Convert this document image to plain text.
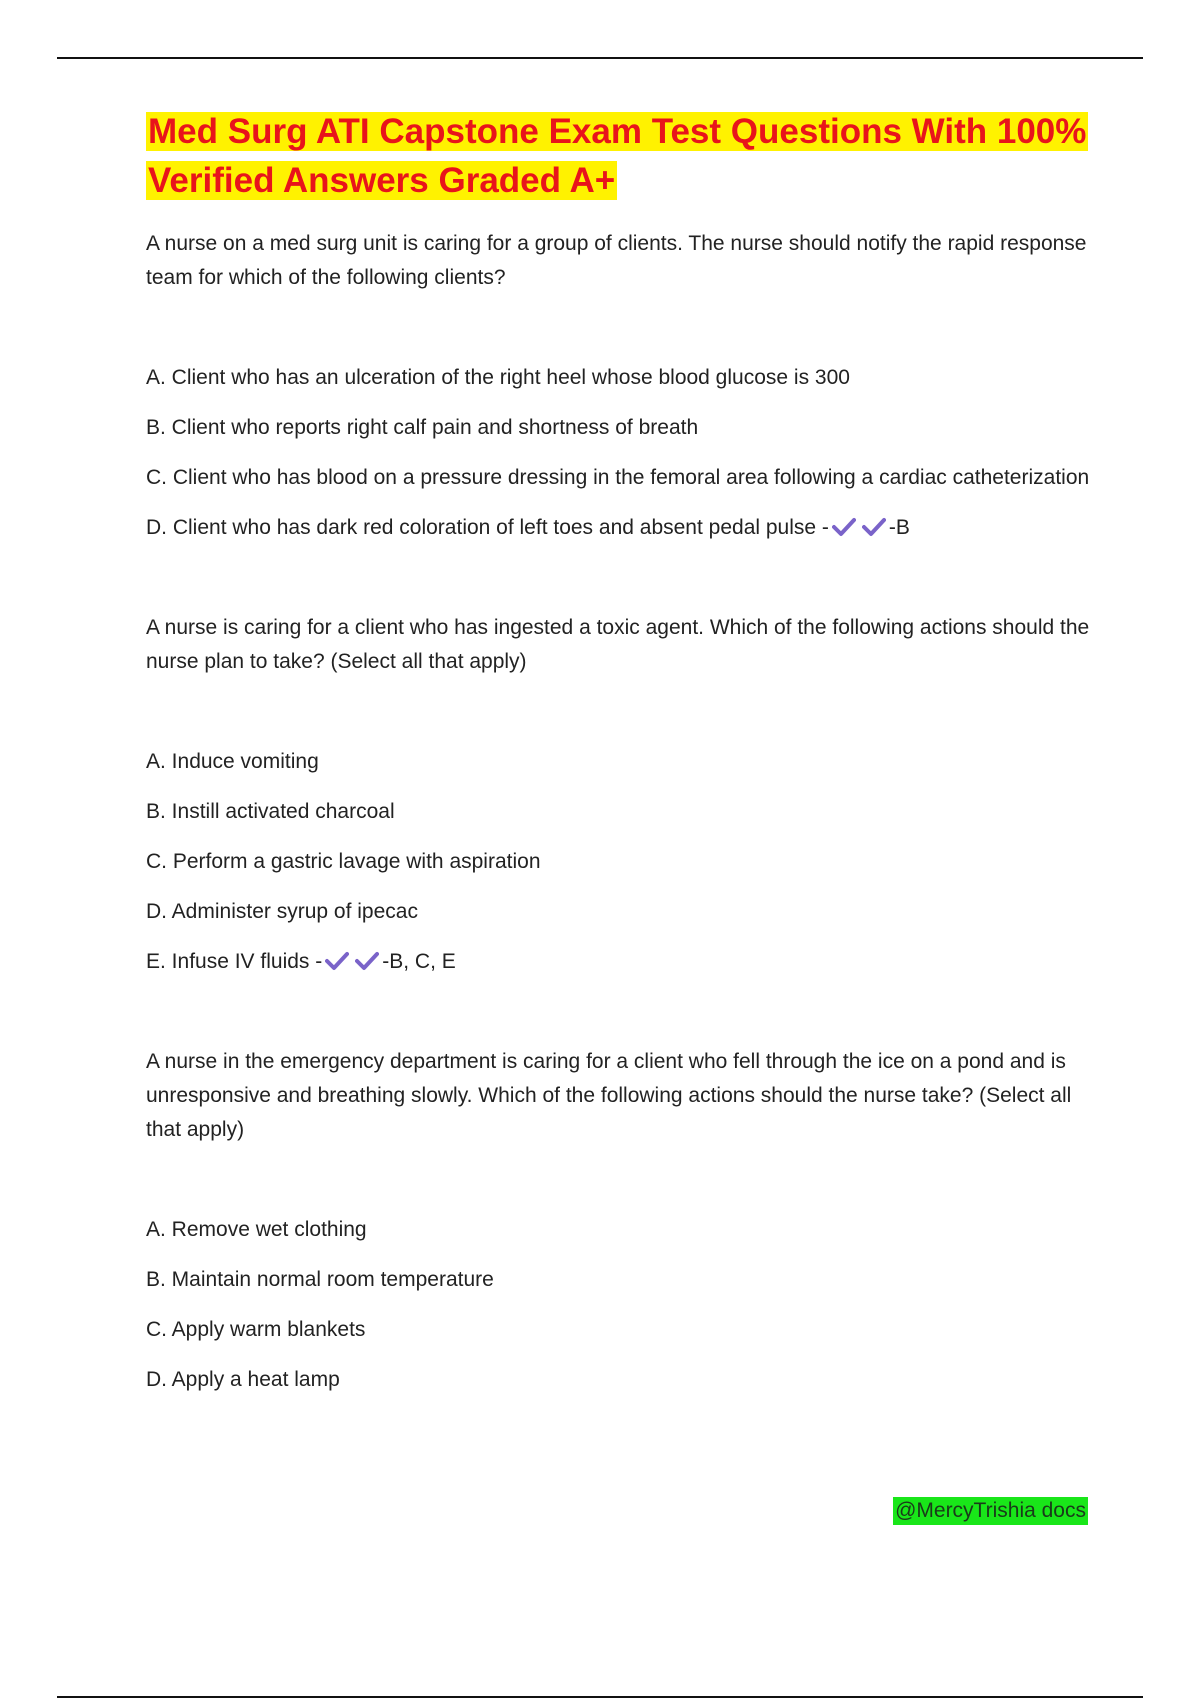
Med Surg ATI Capstone Exam Test Questions With 100% Verified Answers Graded A+

A nurse on a med surg unit is caring for a group of clients. The nurse should notify the rapid response team for which of the following clients?

A. Client who has an ulceration of the right heel whose blood glucose is 300

B. Client who reports right calf pain and shortness of breath

C. Client who has blood on a pressure dressing in the femoral area following a cardiac catheterization

D. Client who has dark red coloration of left toes and absent pedal pulse -	-B

A nurse is caring for a client who has ingested a toxic agent. Which of the following actions should the nurse plan to take? (Select all that apply)

A. Induce vomiting

B. Instill activated charcoal

C. Perform a gastric lavage with aspiration

D. Administer syrup of ipecac

E. Infuse IV fluids -	-B, C, E

A nurse in the emergency department is caring for a client who fell through the ice on a pond and is unresponsive and breathing slowly. Which of the following actions should the nurse take? (Select all that apply)

A. Remove wet clothing

B. Maintain normal room temperature

C. Apply warm blankets

D. Apply a heat lamp

@MercyTrishia docs
